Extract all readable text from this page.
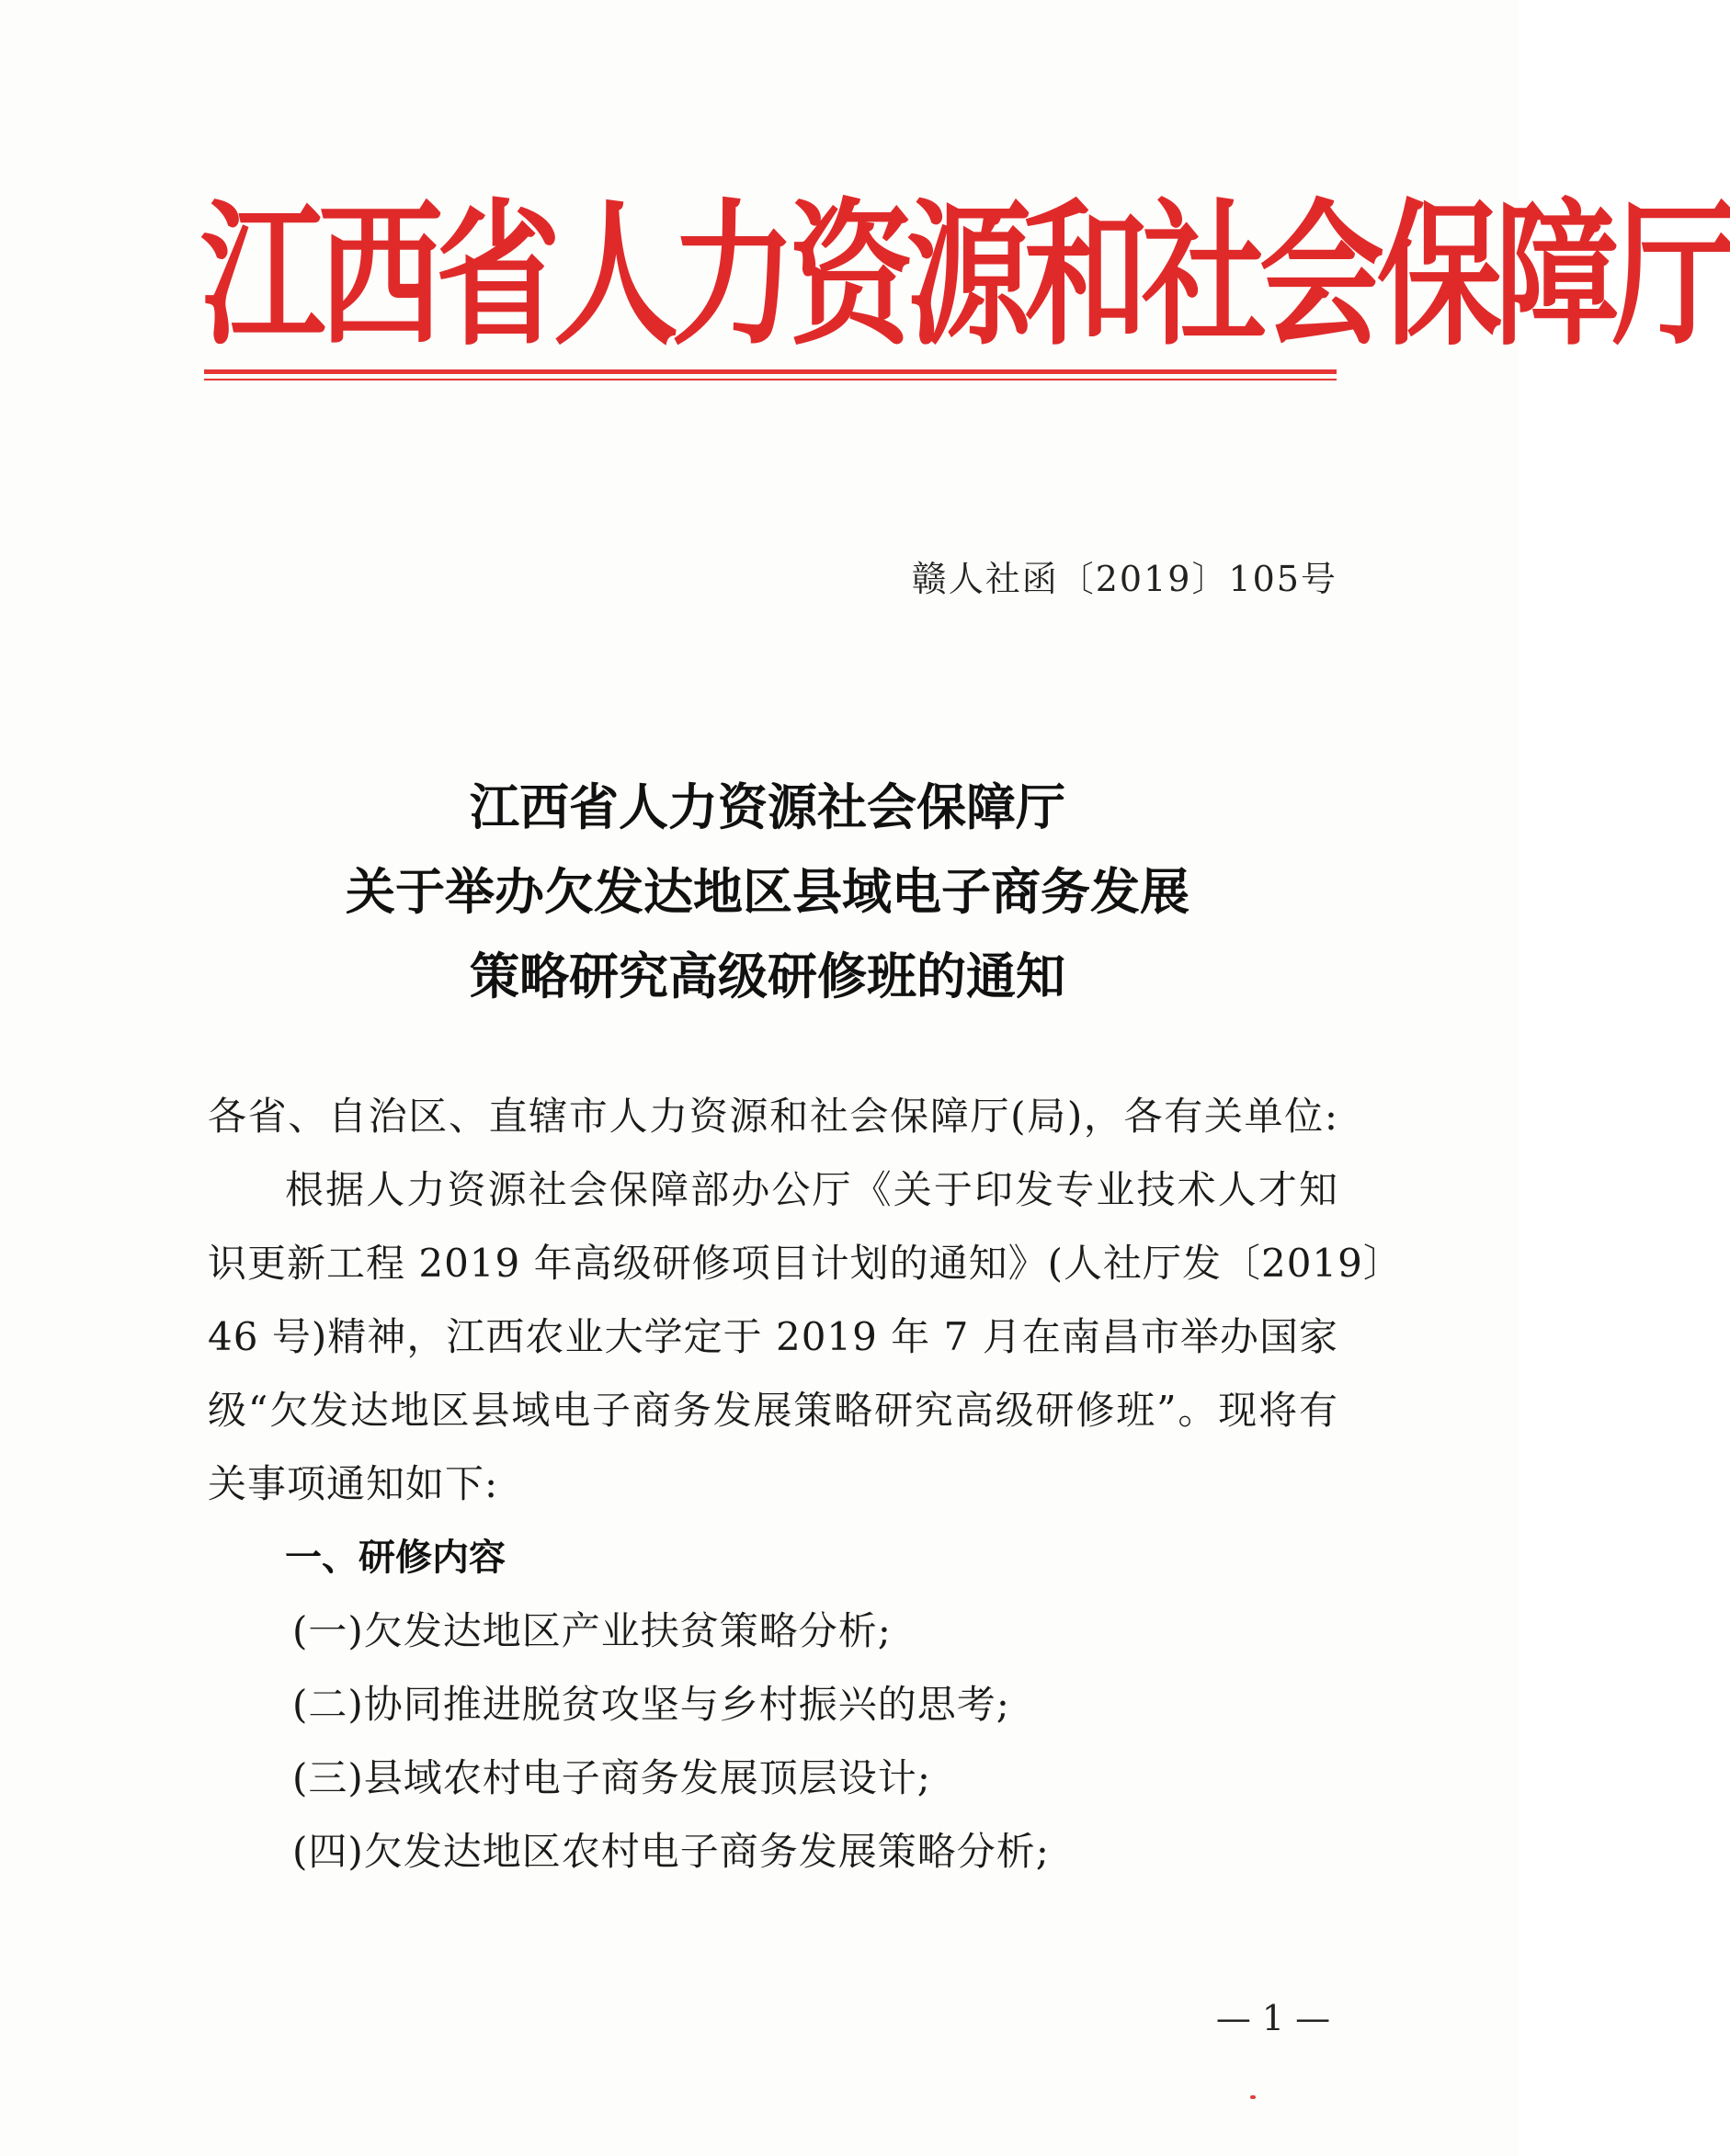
江西省人力资源和社会保障厅
赣人社函〔2019〕105号
江西省人力资源社会保障厅
关于举办欠发达地区县域电子商务发展
策略研究高级研修班的通知
各省、自治区、直辖市人力资源和社会保障厅(局)，各有关单位:
根据人力资源社会保障部办公厅《关于印发专业技术人才知
识更新工程 2019 年高级研修项目计划的通知》(人社厅发〔2019〕
46 号)精神，江西农业大学定于 2019 年 7 月在南昌市举办国家
级“欠发达地区县域电子商务发展策略研究高级研修班”。现将有
关事项通知如下:
一、研修内容
(一)欠发达地区产业扶贫策略分析;
(二)协同推进脱贫攻坚与乡村振兴的思考;
(三)县域农村电子商务发展顶层设计;
(四)欠发达地区农村电子商务发展策略分析;
— 1 —
